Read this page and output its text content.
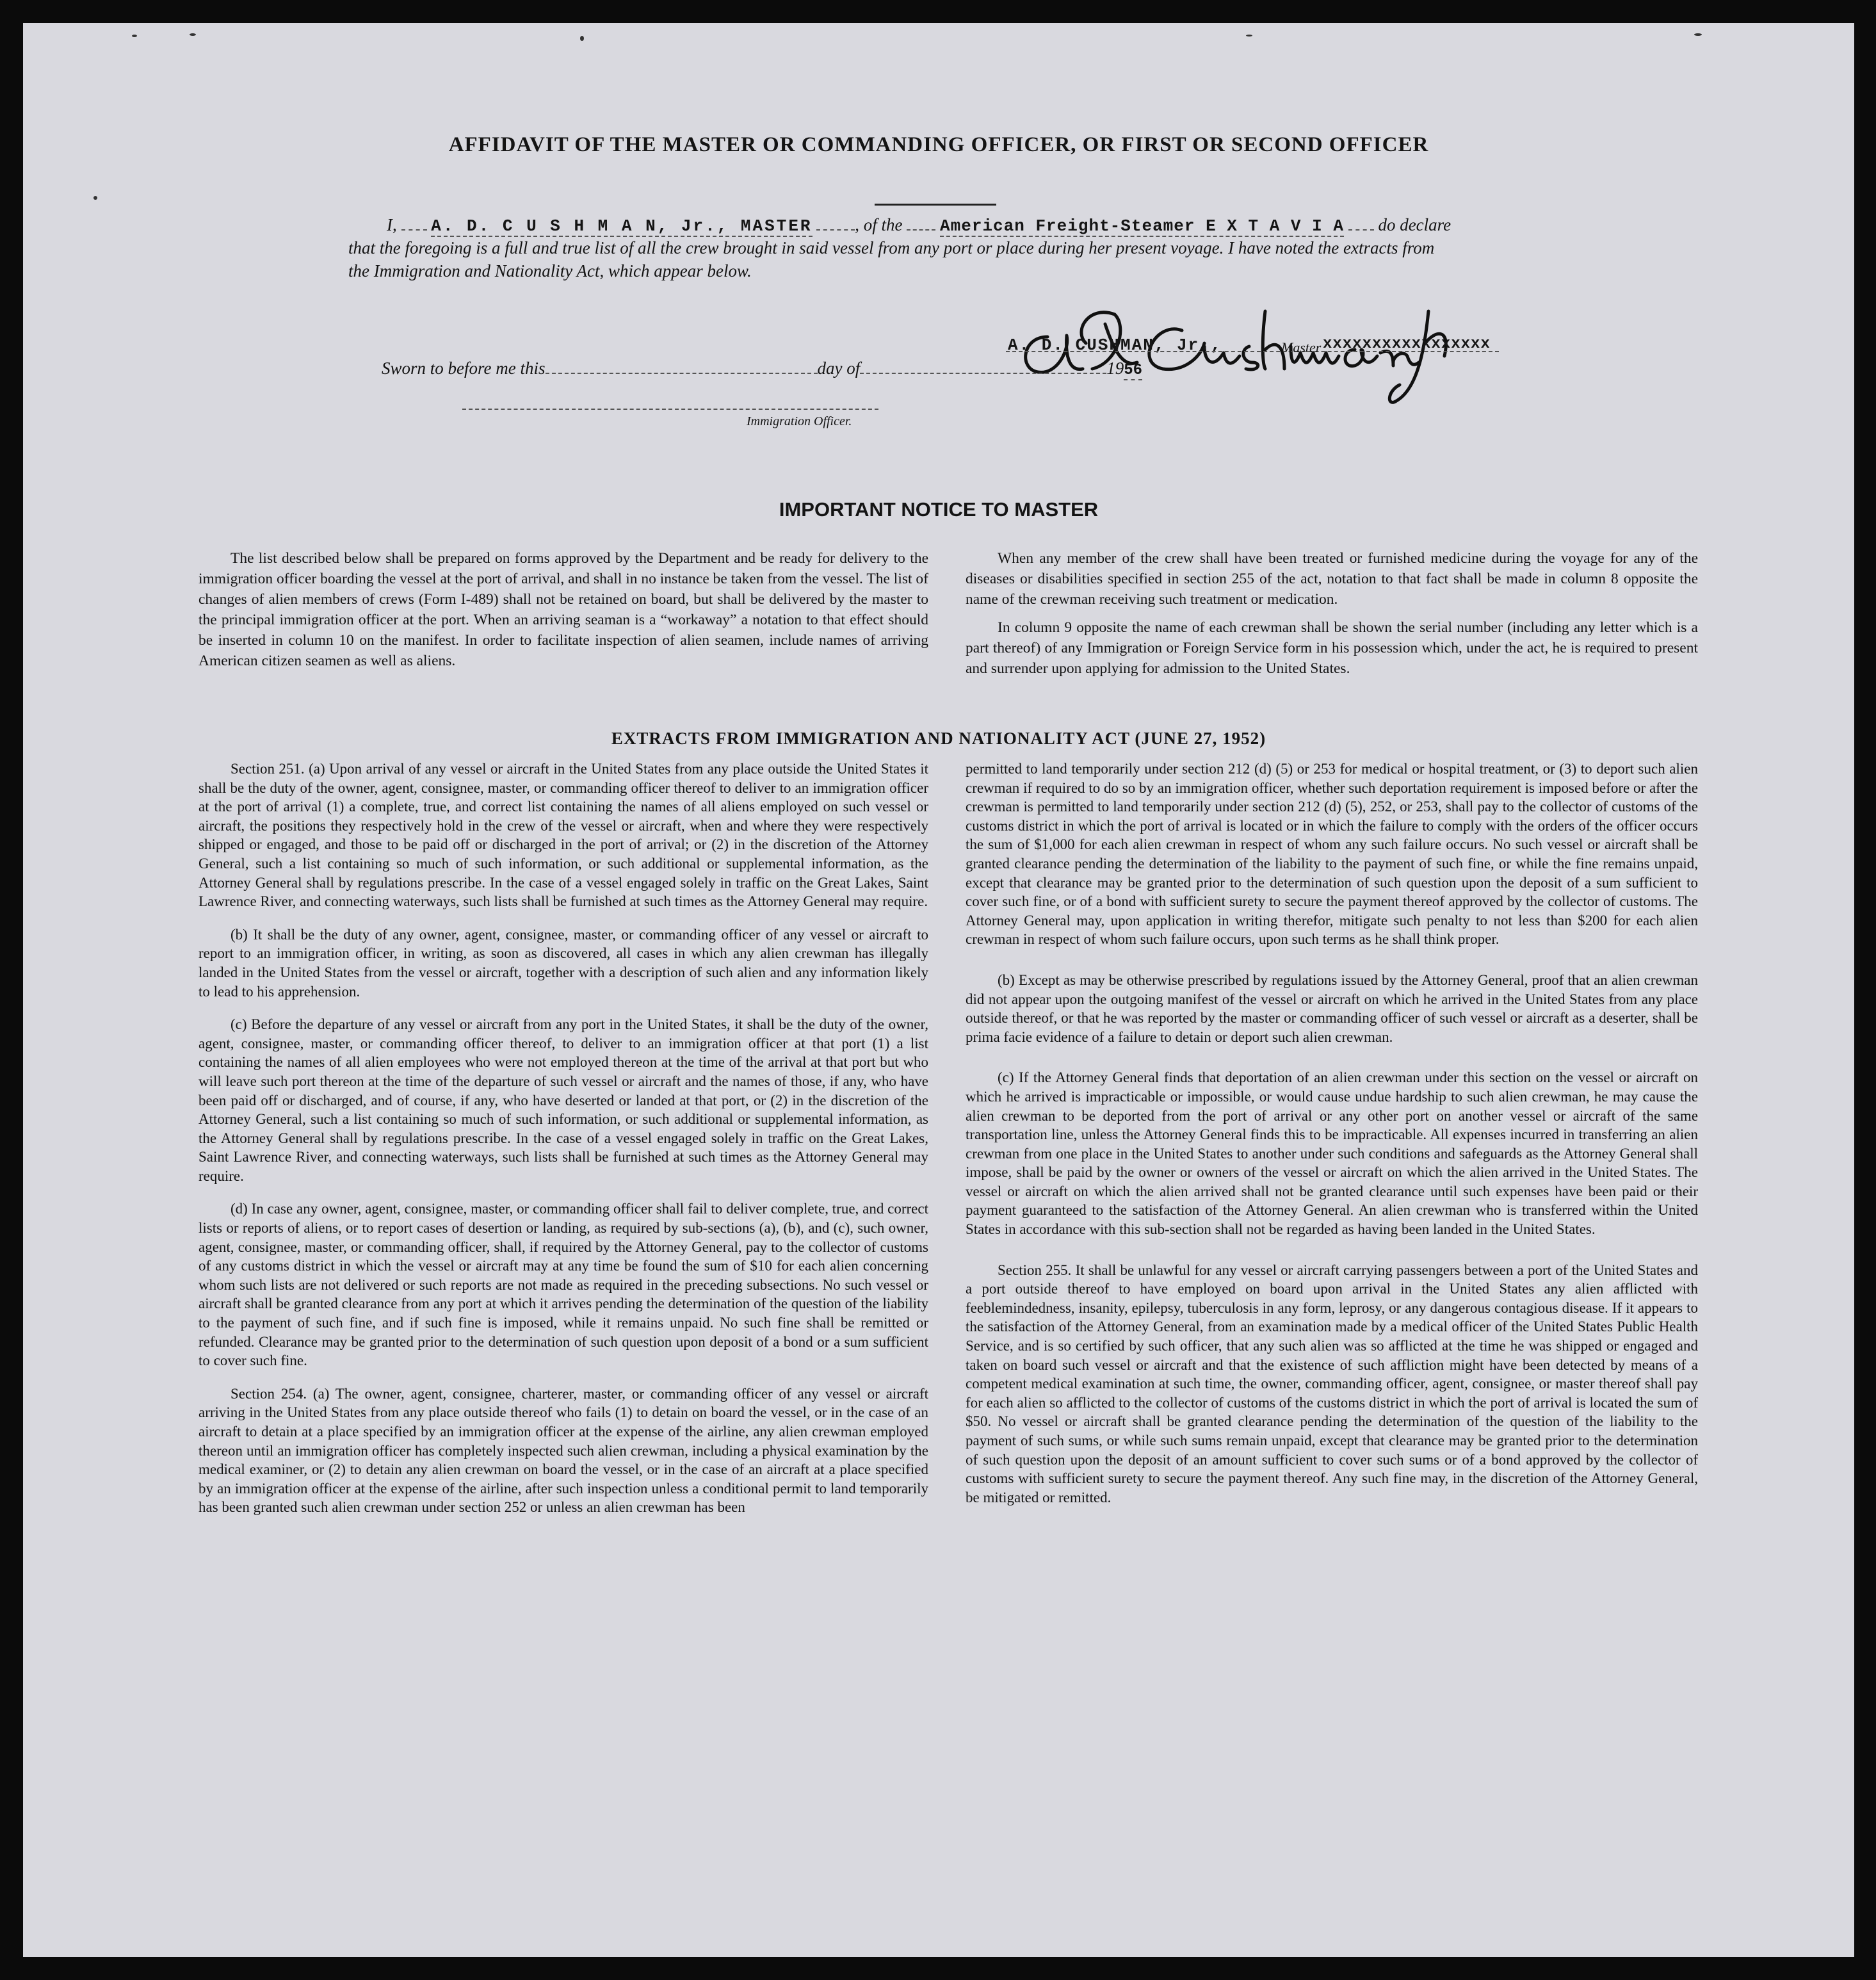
AFFIDAVIT OF THE MASTER OR COMMANDING OFFICER, OR FIRST OR SECOND OFFICER
I, A. D. C U S H M A N, Jr., MASTER , of the American Freight-Steamer E X T A V I A do declare
that the foregoing is a full and true list of all the crew brought in said vessel from any port or place during her present voyage. I have noted the extracts from
the Immigration and Nationality Act, which appear below.
A. D. CUSHMAN, Jr.,	Master xxxxxxxxxxxxxxxxx
Sworn to before me this	day of	1956
Immigration Officer.
IMPORTANT NOTICE TO MASTER

The list described below shall be prepared on forms approved by the Department and be ready for delivery to the immigration officer boarding the vessel at the port of arrival, and shall in no instance be taken from the vessel. The list of changes of alien members of crews (Form I-489) shall not be retained on board, but shall be delivered by the master to the principal immigration officer at the port. When an arriving seaman is a “workaway” a notation to that effect should be inserted in column 10 on the manifest. In order to facilitate inspection of alien seamen, include names of arriving American citizen seamen as well as aliens.

When any member of the crew shall have been treated or furnished medicine during the voyage for any of the diseases or disabilities specified in section 255 of the act, notation to that fact shall be made in column 8 opposite the name of the crewman receiving such treatment or medication.

In column 9 opposite the name of each crewman shall be shown the serial number (including any letter which is a part thereof) of any Immigration or Foreign Service form in his possession which, under the act, he is required to present and surrender upon applying for admission to the United States.

EXTRACTS FROM IMMIGRATION AND NATIONALITY ACT (JUNE 27, 1952)

Section 251. (a) Upon arrival of any vessel or aircraft in the United States from any place outside the United States it shall be the duty of the owner, agent, consignee, master, or commanding officer thereof to deliver to an immigration officer at the port of arrival (1) a complete, true, and correct list containing the names of all aliens employed on such vessel or aircraft, the positions they respectively hold in the crew of the vessel or aircraft, when and where they were respectively shipped or engaged, and those to be paid off or discharged in the port of arrival; or (2) in the discretion of the Attorney General, such a list containing so much of such information, or such additional or supplemental information, as the Attorney General shall by regulations prescribe. In the case of a vessel engaged solely in traffic on the Great Lakes, Saint Lawrence River, and connecting waterways, such lists shall be furnished at such times as the Attorney General may require.

(b) It shall be the duty of any owner, agent, consignee, master, or commanding officer of any vessel or aircraft to report to an immigration officer, in writing, as soon as discovered, all cases in which any alien crewman has illegally landed in the United States from the vessel or aircraft, together with a description of such alien and any information likely to lead to his apprehension.

(c) Before the departure of any vessel or aircraft from any port in the United States, it shall be the duty of the owner, agent, consignee, master, or commanding officer thereof, to deliver to an immigration officer at that port (1) a list containing the names of all alien employees who were not employed thereon at the time of the arrival at that port but who will leave such port thereon at the time of the departure of such vessel or aircraft and the names of those, if any, who have been paid off or discharged, and of course, if any, who have deserted or landed at that port, or (2) in the discretion of the Attorney General, such a list containing so much of such information, or such additional or supplemental information, as the Attorney General shall by regulations prescribe. In the case of a vessel engaged solely in traffic on the Great Lakes, Saint Lawrence River, and connecting waterways, such lists shall be furnished at such times as the Attorney General may require.

(d) In case any owner, agent, consignee, master, or commanding officer shall fail to deliver complete, true, and correct lists or reports of aliens, or to report cases of desertion or landing, as required by sub-sections (a), (b), and (c), such owner, agent, consignee, master, or commanding officer, shall, if required by the Attorney General, pay to the collector of customs of any customs district in which the vessel or aircraft may at any time be found the sum of $10 for each alien concerning whom such lists are not delivered or such reports are not made as required in the preceding subsections. No such vessel or aircraft shall be granted clearance from any port at which it arrives pending the determination of the question of the liability to the payment of such fine, and if such fine is imposed, while it remains unpaid. No such fine shall be remitted or refunded. Clearance may be granted prior to the determination of such question upon deposit of a bond or a sum sufficient to cover such fine.

Section 254. (a) The owner, agent, consignee, charterer, master, or commanding officer of any vessel or aircraft arriving in the United States from any place outside thereof who fails (1) to detain on board the vessel, or in the case of an aircraft to detain at a place specified by an immigration officer at the expense of the airline, any alien crewman employed thereon until an immigration officer has completely inspected such alien crewman, including a physical examination by the medical examiner, or (2) to detain any alien crewman on board the vessel, or in the case of an aircraft at a place specified by an immigration officer at the expense of the airline, after such inspection unless a conditional permit to land temporarily has been granted such alien crewman under section 252 or unless an alien crewman has been

permitted to land temporarily under section 212 (d) (5) or 253 for medical or hospital treatment, or (3) to deport such alien crewman if required to do so by an immigration officer, whether such deportation requirement is imposed before or after the crewman is permitted to land temporarily under section 212 (d) (5), 252, or 253, shall pay to the collector of customs of the customs district in which the port of arrival is located or in which the failure to comply with the orders of the officer occurs the sum of $1,000 for each alien crewman in respect of whom any such failure occurs. No such vessel or aircraft shall be granted clearance pending the determination of the liability to the payment of such fine, or while the fine remains unpaid, except that clearance may be granted prior to the determination of such question upon the deposit of a sum sufficient to cover such fine, or of a bond with sufficient surety to secure the payment thereof approved by the collector of customs. The Attorney General may, upon application in writing therefor, mitigate such penalty to not less than $200 for each alien crewman in respect of whom such failure occurs, upon such terms as he shall think proper.

(b) Except as may be otherwise prescribed by regulations issued by the Attorney General, proof that an alien crewman did not appear upon the outgoing manifest of the vessel or aircraft on which he arrived in the United States from any place outside thereof, or that he was reported by the master or commanding officer of such vessel or aircraft as a deserter, shall be prima facie evidence of a failure to detain or deport such alien crewman.

(c) If the Attorney General finds that deportation of an alien crewman under this section on the vessel or aircraft on which he arrived is impracticable or impossible, or would cause undue hardship to such alien crewman, he may cause the alien crewman to be deported from the port of arrival or any other port on another vessel or aircraft of the same transportation line, unless the Attorney General finds this to be impracticable. All expenses incurred in transferring an alien crewman from one place in the United States to another under such conditions and safeguards as the Attorney General shall impose, shall be paid by the owner or owners of the vessel or aircraft on which the alien arrived in the United States. The vessel or aircraft on which the alien arrived shall not be granted clearance until such expenses have been paid or their payment guaranteed to the satisfaction of the Attorney General. An alien crewman who is transferred within the United States in accordance with this sub-section shall not be regarded as having been landed in the United States.

Section 255. It shall be unlawful for any vessel or aircraft carrying passengers between a port of the United States and a port outside thereof to have employed on board upon arrival in the United States any alien afflicted with feeblemindedness, insanity, epilepsy, tuberculosis in any form, leprosy, or any dangerous contagious disease. If it appears to the satisfaction of the Attorney General, from an examination made by a medical officer of the United States Public Health Service, and is so certified by such officer, that any such alien was so afflicted at the time he was shipped or engaged and taken on board such vessel or aircraft and that the existence of such affliction might have been detected by means of a competent medical examination at such time, the owner, commanding officer, agent, consignee, or master thereof shall pay for each alien so afflicted to the collector of customs of the customs district in which the port of arrival is located the sum of $50. No vessel or aircraft shall be granted clearance pending the determination of the question of the liability to the payment of such sums, or while such sums remain unpaid, except that clearance may be granted prior to the determination of such question upon the deposit of an amount sufficient to cover such sums or of a bond approved by the collector of customs with sufficient surety to secure the payment thereof. Any such fine may, in the discretion of the Attorney General, be mitigated or remitted.
